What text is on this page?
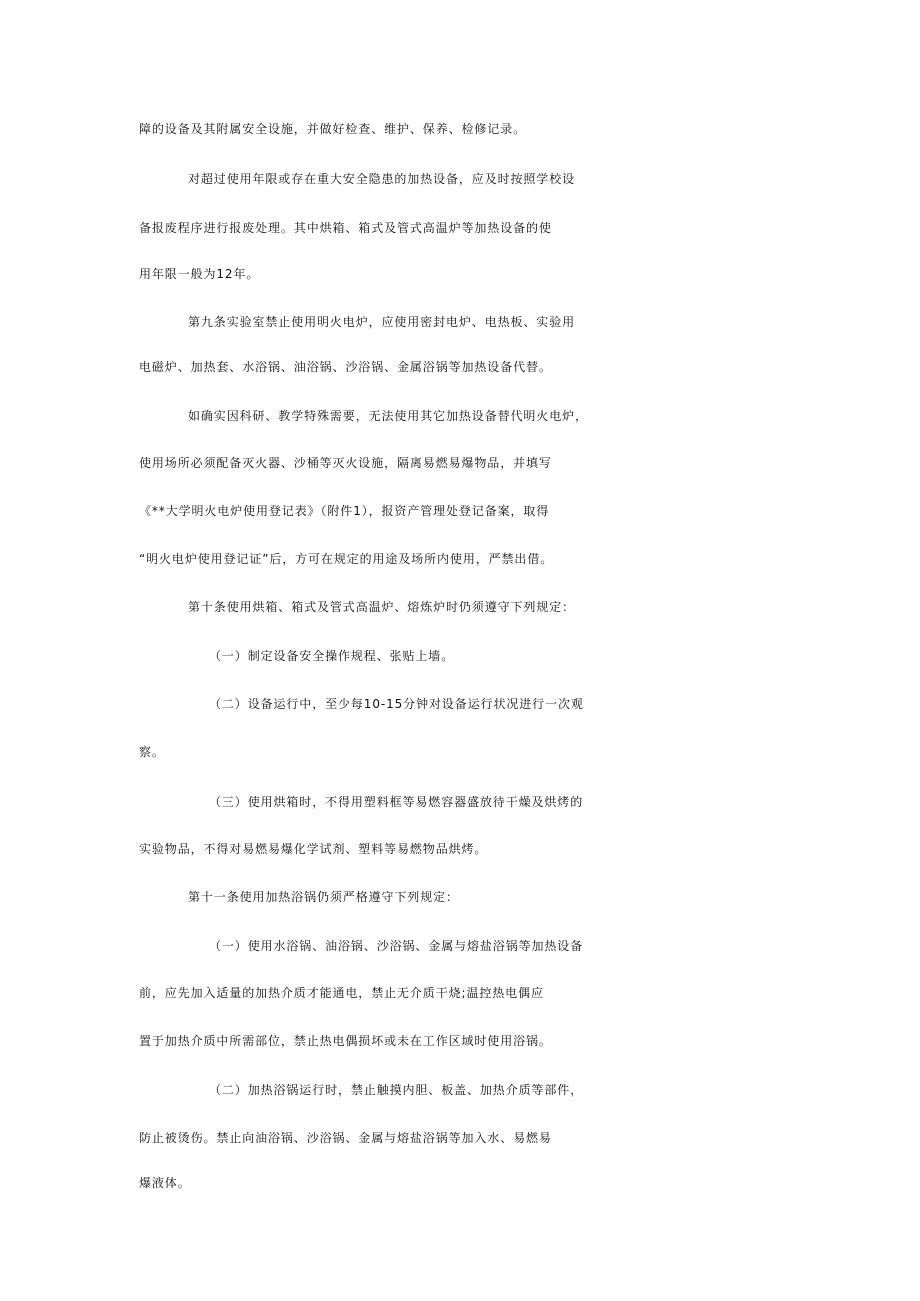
障的设备及其附属安全设施，并做好检查、维护、保养、检修记录。
对超过使用年限或存在重大安全隐患的加热设备，应及时按照学校设
备报废程序进行报废处理。其中烘箱、箱式及管式高温炉等加热设备的使
用年限一般为12年。
第九条实验室禁止使用明火电炉，应使用密封电炉、电热板、实验用
电磁炉、加热套、水浴锅、油浴锅、沙浴锅、金属浴锅等加热设备代替。
如确实因科研、教学特殊需要，无法使用其它加热设备替代明火电炉，
使用场所必须配备灭火器、沙桶等灭火设施，隔离易燃易爆物品，并填写
《**大学明火电炉使用登记表》（附件1），报资产管理处登记备案，取得
“明火电炉使用登记证”后，方可在规定的用途及场所内使用，严禁出借。
第十条使用烘箱、箱式及管式高温炉、熔炼炉时仍须遵守下列规定：
（一）制定设备安全操作规程、张贴上墙。
（二）设备运行中，至少每10-15分钟对设备运行状况进行一次观
察。
（三）使用烘箱时，不得用塑料框等易燃容器盛放待干燥及烘烤的
实验物品，不得对易燃易爆化学试剂、塑料等易燃物品烘烤。
第十一条使用加热浴锅仍须严格遵守下列规定：
（一）使用水浴锅、油浴锅、沙浴锅、金属与熔盐浴锅等加热设备
前，应先加入适量的加热介质才能通电，禁止无介质干烧;温控热电偶应
置于加热介质中所需部位，禁止热电偶损坏或未在工作区域时使用浴锅。
（二）加热浴锅运行时，禁止触摸内胆、板盖、加热介质等部件，
防止被烫伤。禁止向油浴锅、沙浴锅、金属与熔盐浴锅等加入水、易燃易
爆液体。
